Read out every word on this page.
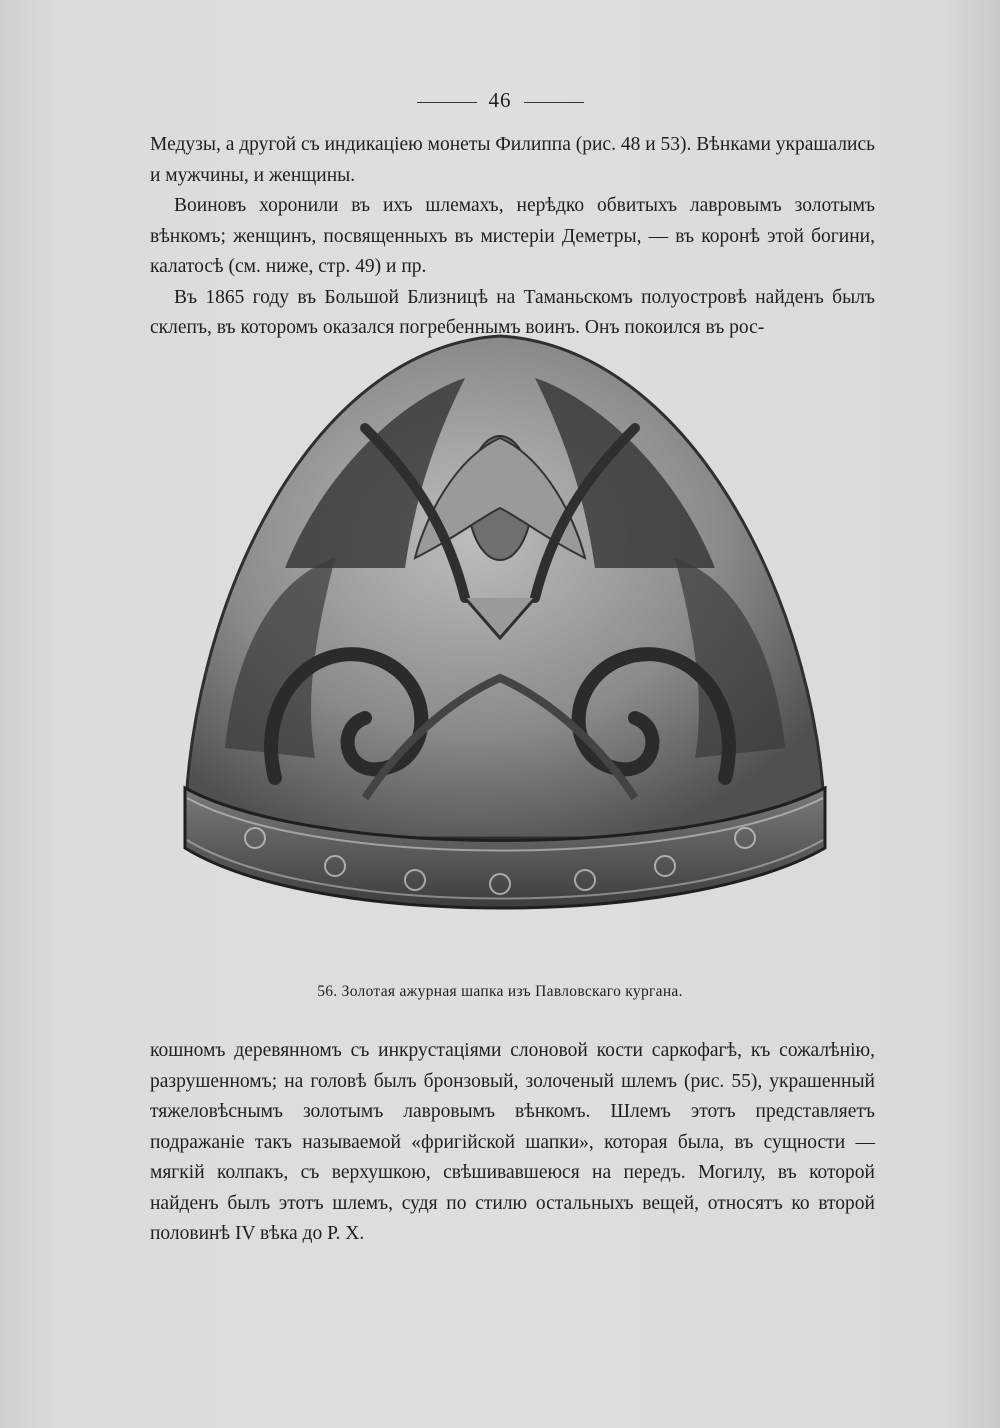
46

Медузы, а другой съ индикацiею монеты Филиппа (рис. 48 и 53). Вѣнками украшались и мужчины, и женщины.

Воиновъ хоронили въ ихъ шлемахъ, нерѣдко обвитыхъ лавровымъ золотымъ вѣнкомъ; женщинъ, посвященныхъ въ мистерiи Деметры, — въ коронѣ этой богини, калатосѣ (см. ниже, стр. 49) и пр.

Въ 1865 году въ Большой Близницѣ на Таманьскомъ полуостровѣ найденъ былъ склепъ, въ которомъ оказался погребеннымъ воинъ. Онъ покоился въ рос-

56. Золотая ажурная шапка изъ Павловскаго кургана.

кошномъ деревянномъ съ инкрустацiями слоновой кости саркофагѣ, къ сожалѣнiю, разрушенномъ; на головѣ былъ бронзовый, золоченый шлемъ (рис. 55), украшенный тяжеловѣснымъ золотымъ лавровымъ вѣнкомъ. Шлемъ этотъ представляетъ подражанiе такъ называемой «фригiйской шапки», которая была, въ сущности — мягкiй колпакъ, съ верхушкою, свѣшивавшеюся на передъ. Могилу, въ которой найденъ былъ этотъ шлемъ, судя по стилю остальныхъ вещей, относятъ ко второй половинѣ IV вѣка до Р. Х.
